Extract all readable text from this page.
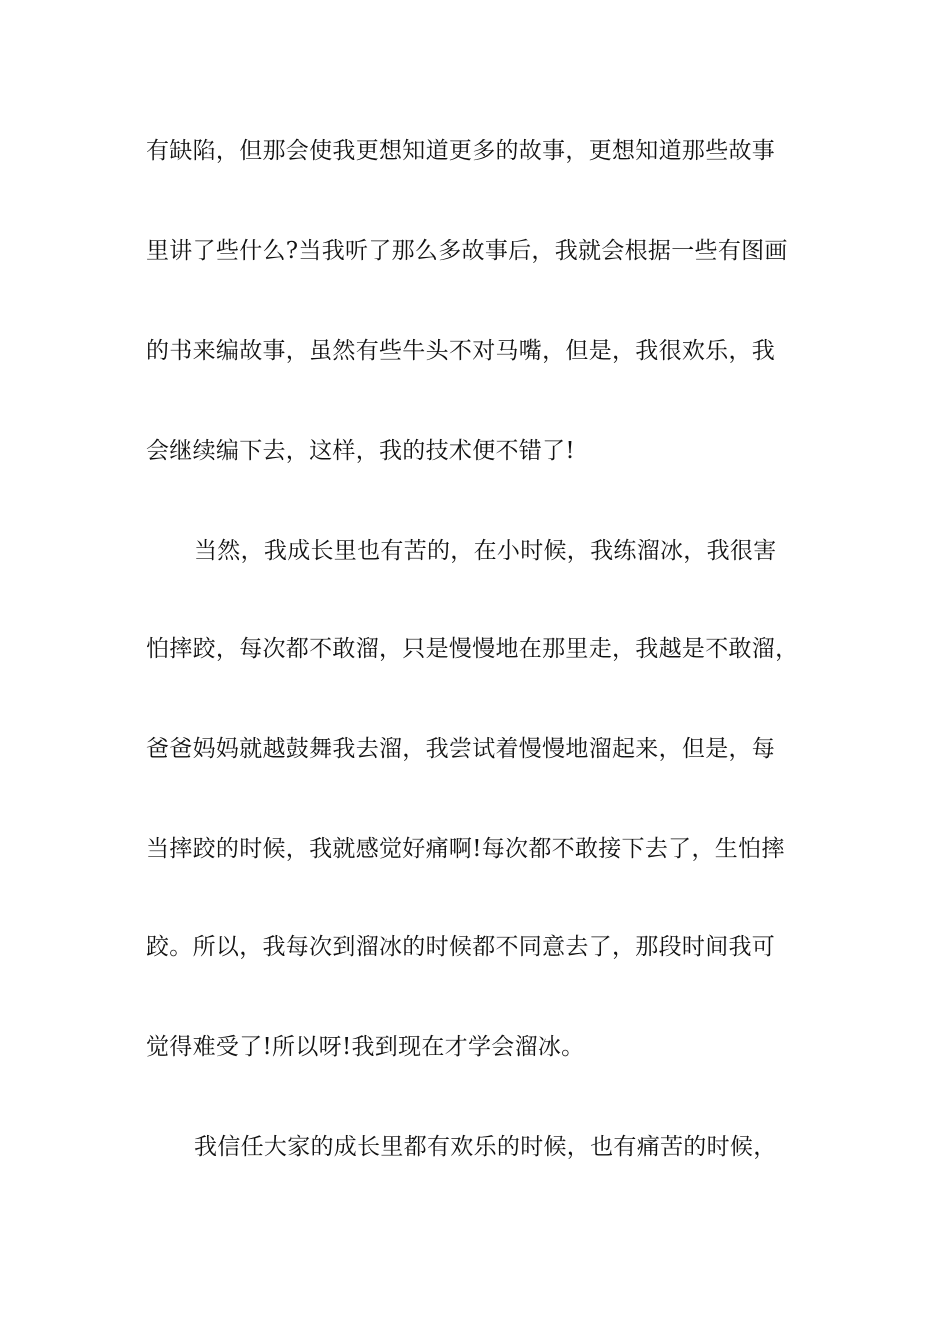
有缺陷，但那会使我更想知道更多的故事，更想知道那些故事
里讲了些什么?当我听了那么多故事后，我就会根据一些有图画
的书来编故事，虽然有些牛头不对马嘴，但是，我很欢乐，我
会继续编下去，这样，我的技术便不错了!
当然，我成长里也有苦的，在小时候，我练溜冰，我很害
怕摔跤，每次都不敢溜，只是慢慢地在那里走，我越是不敢溜，
爸爸妈妈就越鼓舞我去溜，我尝试着慢慢地溜起来，但是，每
当摔跤的时候，我就感觉好痛啊!每次都不敢接下去了，生怕摔
跤。所以，我每次到溜冰的时候都不同意去了，那段时间我可
觉得难受了!所以呀!我到现在才学会溜冰。
我信任大家的成长里都有欢乐的时候，也有痛苦的时候，
